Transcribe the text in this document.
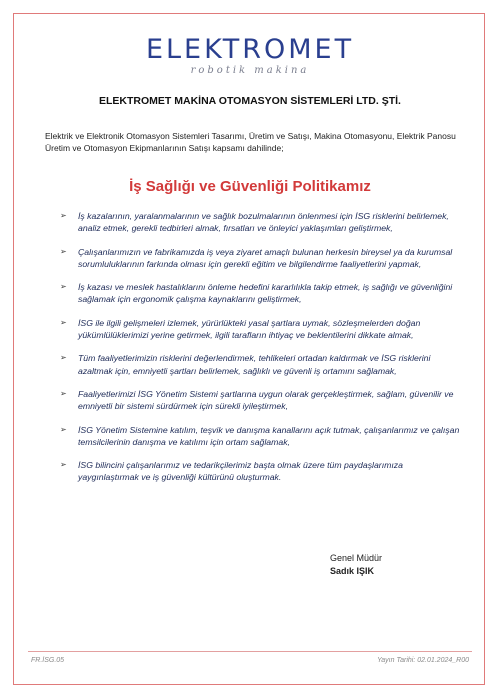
ELEKTROMET
robotik makina
ELEKTROMET MAKİNA OTOMASYON SİSTEMLERİ LTD. ŞTİ.
Elektrik ve Elektronik Otomasyon Sistemleri Tasarımı, Üretim ve Satışı, Makina Otomasyonu, Elektrik Panosu Üretim ve Otomasyon Ekipmanlarının Satışı kapsamı dahilinde;
İş Sağlığı ve Güvenliği Politikamız
➢ İş kazalarının, yaralanmalarının ve sağlık bozulmalarının önlenmesi için İSG risklerini belirlemek, analiz etmek, gerekli tedbirleri almak, fırsatları ve önleyici yaklaşımları geliştirmek,
➢ Çalışanlarımızın ve fabrikamızda iş veya ziyaret amaçlı bulunan herkesin bireysel ya da kurumsal sorumluluklarının farkında olması için gerekli eğitim ve bilgilendirme faaliyetlerini yapmak,
➢ İş kazası ve meslek hastalıklarını önleme hedefini kararlılıkla takip etmek, iş sağlığı ve güvenliğini sağlamak için ergonomik çalışma kaynaklarını geliştirmek,
➢ İSG ile ilgili gelişmeleri izlemek, yürürlükteki yasal şartlara uymak, sözleşmelerden doğan yükümlülüklerimizi yerine getirmek, ilgili tarafların ihtiyaç ve beklentilerini dikkate almak,
➢ Tüm faaliyetlerimizin risklerini değerlendirmek, tehlikeleri ortadan kaldırmak ve İSG risklerini azaltmak için, emniyetli şartları belirlemek, sağlıklı ve güvenli iş ortamını sağlamak,
➢ Faaliyetlerimizi İSG Yönetim Sistemi şartlarına uygun olarak gerçekleştirmek, sağlam, güvenilir ve emniyetli bir sistemi sürdürmek için sürekli iyileştirmek,
➢ İSG Yönetim Sistemine katılım, teşvik ve danışma kanallarını açık tutmak, çalışanlarımız ve çalışan temsilcilerinin danışma ve katılımı için ortam sağlamak,
➢ İSG bilincini çalışanlarımız ve tedarikçilerimiz başta olmak üzere tüm paydaşlarımıza yaygınlaştırmak ve iş güvenliği kültürünü oluşturmak.
Genel Müdür
Sadık IŞIK
FR.İSG.05	Yayın Tarihi: 02.01.2024_R00
